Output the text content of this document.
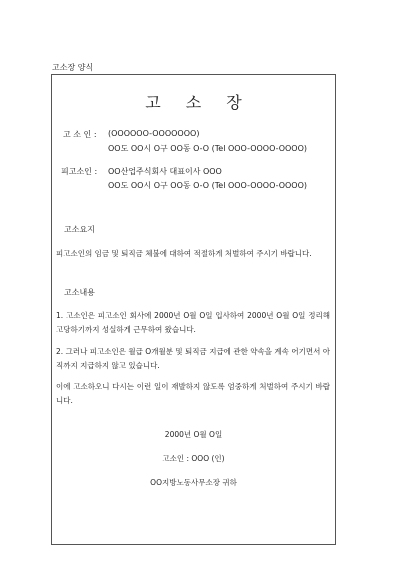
고소장 양식
고 소 장
고 소 인 : (OOOOOO-OOOOOOO)
OO도 OO시 O구 OO동 O-O (Tel OOO-OOOO-OOOO)
피고소인 : OO산업주식회사 대표이사 OOO
OO도 OO시 O구 OO동 O-O (Tel OOO-OOOO-OOOO)
고소요지
피고소인의 임금 및 퇴직금 체불에 대하여 적절하게 처벌하여 주시기 바랍니다.
고소내용
1. 고소인은 피고소인 회사에 2000년 O월 O일 입사하여 2000년 O월 O일 정리해고당하기까지 성실하게 근무하여 왔습니다.
2. 그러나 피고소인은 월급 O개월분 및 퇴직금 지급에 관한 약속을 계속 어기면서 아직까지 지급하지 않고 있습니다.
이에 고소하오니 다시는 이런 일이 재발하지 않도록 엄중하게 처벌하여 주시기 바랍니다.
2000년 O월 O일
고소인 : OOO (인)
OO지방노동사무소장 귀하
